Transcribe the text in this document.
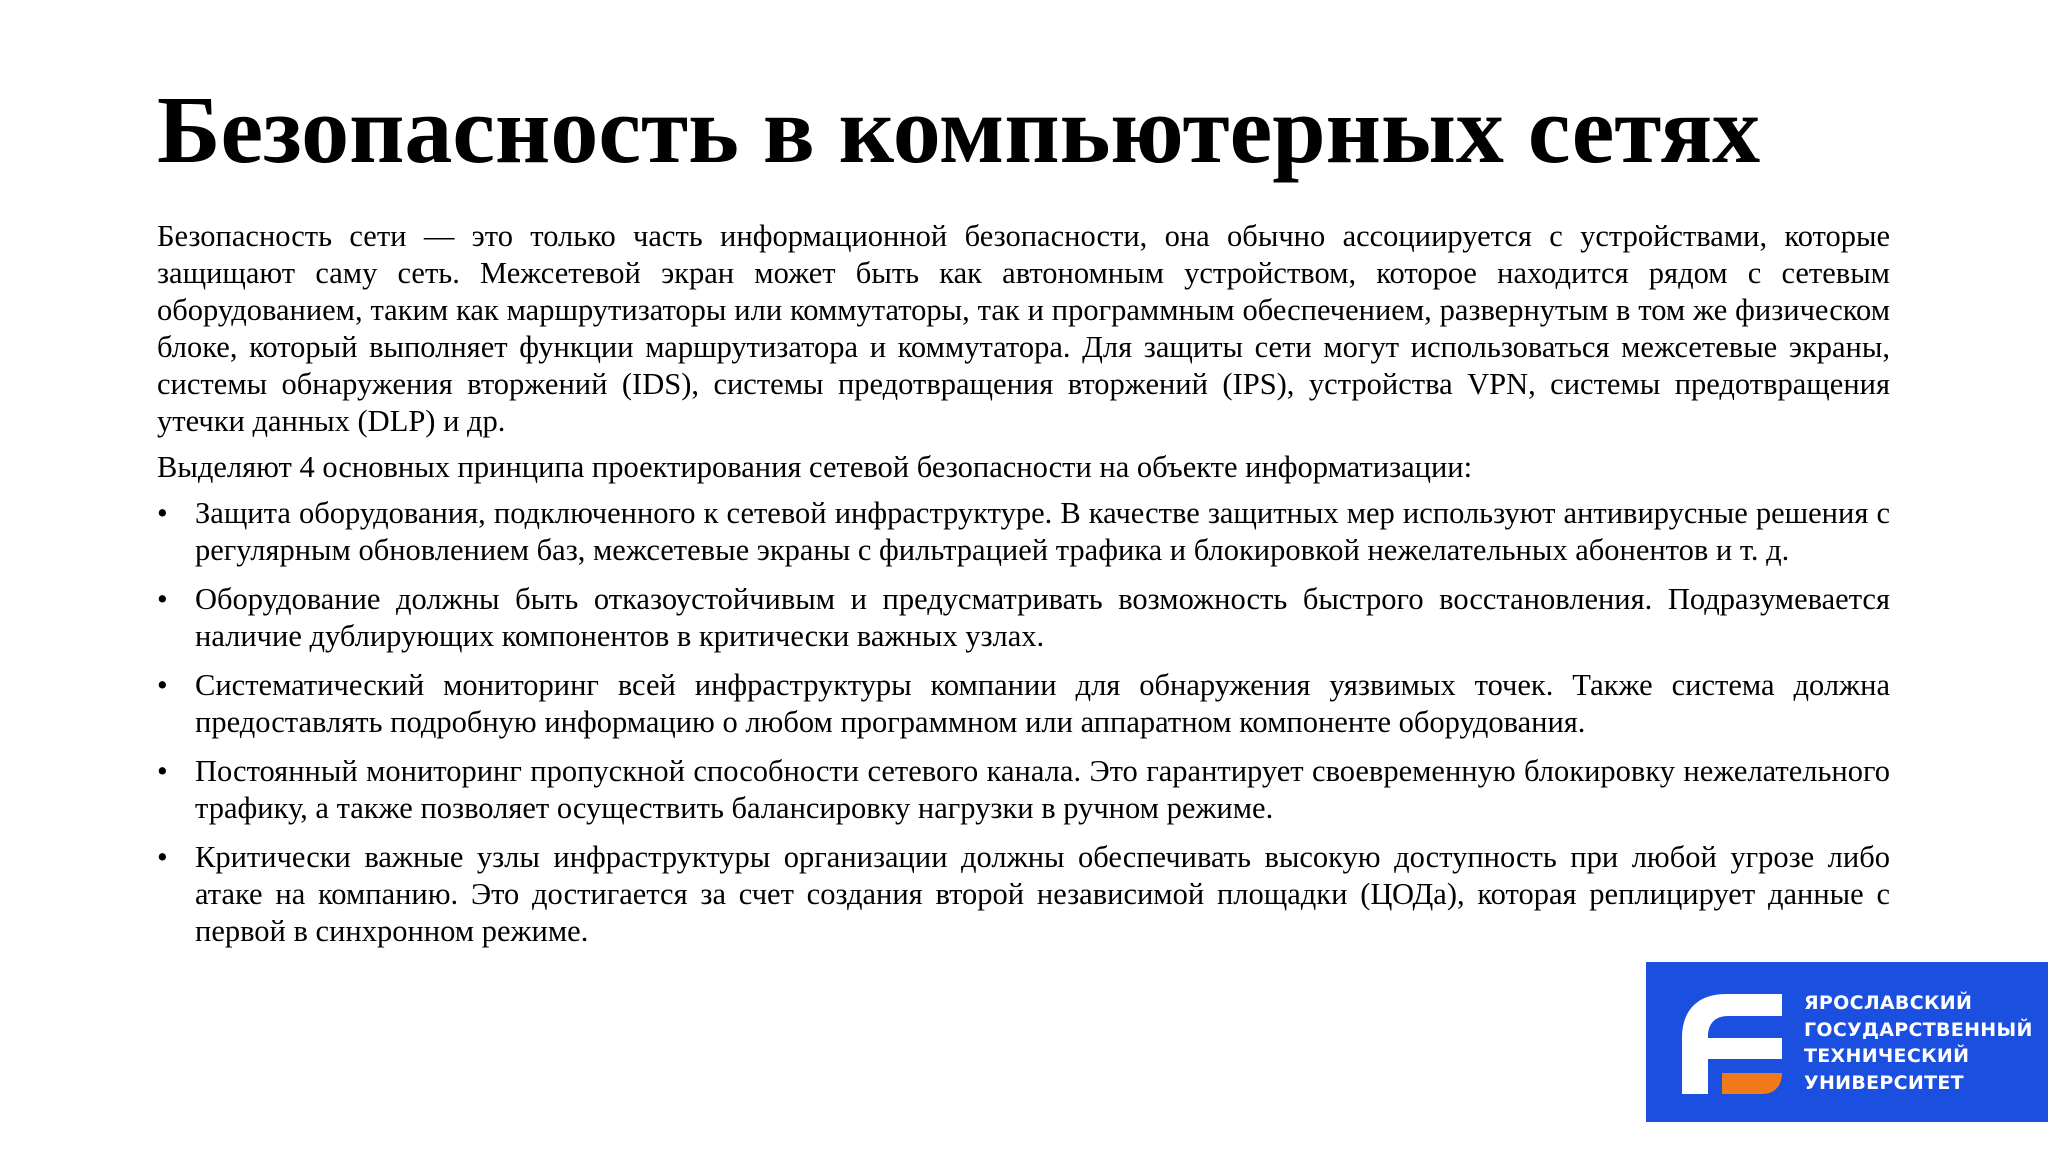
Безопасность в компьютерных сетях

Безопасность сети — это только часть информационной безопасности, она обычно ассоциируется с устройствами, которые защищают саму сеть. Межсетевой экран может быть как автономным устройством, которое находится рядом с сетевым оборудованием, таким как маршрутизаторы или коммутаторы, так и программным обеспечением, развернутым в том же физическом блоке, который выполняет функции маршрутизатора и коммутатора. Для защиты сети могут использоваться межсетевые экраны, системы обнаружения вторжений (IDS), системы предотвращения вторжений (IPS), устройства VPN, системы предотвращения утечки данных (DLP) и др.

Выделяют 4 основных принципа проектирования сетевой безопасности на объекте информатизации:

• Защита оборудования, подключенного к сетевой инфраструктуре. В качестве защитных мер используют антивирусные решения с регулярным обновлением баз, межсетевые экраны с фильтрацией трафика и блокировкой нежелательных абонентов и т. д.
• Оборудование должны быть отказоустойчивым и предусматривать возможность быстрого восстановления. Подразумевается наличие дублирующих компонентов в критически важных узлах.
• Систематический мониторинг всей инфраструктуры компании для обнаружения уязвимых точек. Также система должна предоставлять подробную информацию о любом программном или аппаратном компоненте оборудования.
• Постоянный мониторинг пропускной способности сетевого канала. Это гарантирует своевременную блокировку нежелательного трафику, а также позволяет осуществить балансировку нагрузки в ручном режиме.
• Критически важные узлы инфраструктуры организации должны обеспечивать высокую доступность при любой угрозе либо атаке на компанию. Это достигается за счет создания второй независимой площадки (ЦОДа), которая реплицирует данные с первой в синхронном режиме.
ЯРОСЛАВСКИЙ
ГОСУДАРСТВЕННЫЙ
ТЕХНИЧЕСКИЙ
УНИВЕРСИТЕТ
